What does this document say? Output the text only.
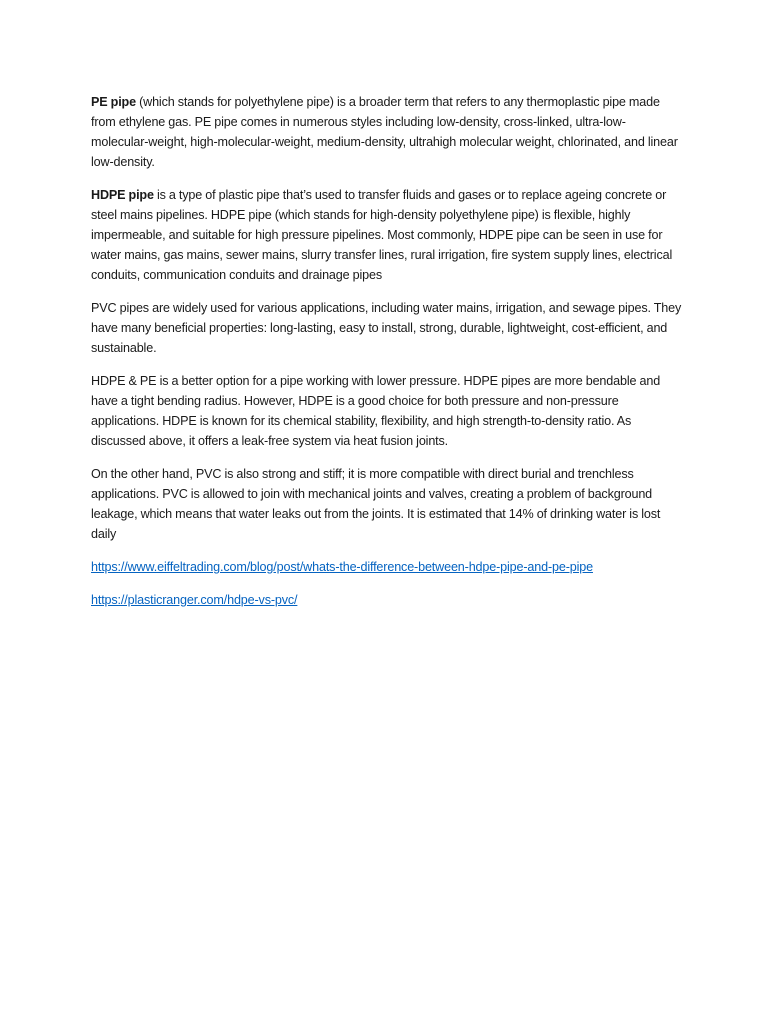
PE pipe (which stands for polyethylene pipe) is a broader term that refers to any thermoplastic pipe made from ethylene gas. PE pipe comes in numerous styles including low-density, cross-linked, ultra-low-molecular-weight, high-molecular-weight, medium-density, ultrahigh molecular weight, chlorinated, and linear low-density.

HDPE pipe is a type of plastic pipe that’s used to transfer fluids and gases or to replace ageing concrete or steel mains pipelines. HDPE pipe (which stands for high-density polyethylene pipe) is flexible, highly impermeable, and suitable for high pressure pipelines. Most commonly, HDPE pipe can be seen in use for water mains, gas mains, sewer mains, slurry transfer lines, rural irrigation, fire system supply lines, electrical conduits, communication conduits and drainage pipes

PVC pipes are widely used for various applications, including water mains, irrigation, and sewage pipes. They have many beneficial properties: long-lasting, easy to install, strong, durable, lightweight, cost-efficient, and sustainable.

HDPE & PE is a better option for a pipe working with lower pressure. HDPE pipes are more bendable and have a tight bending radius. However, HDPE is a good choice for both pressure and non-pressure applications. HDPE is known for its chemical stability, flexibility, and high strength-to-density ratio. As discussed above, it offers a leak-free system via heat fusion joints.

On the other hand, PVC is also strong and stiff; it is more compatible with direct burial and trenchless applications. PVC is allowed to join with mechanical joints and valves, creating a problem of background leakage, which means that water leaks out from the joints. It is estimated that 14% of drinking water is lost daily

https://www.eiffeltrading.com/blog/post/whats-the-difference-between-hdpe-pipe-and-pe-pipe
https://plasticranger.com/hdpe-vs-pvc/
